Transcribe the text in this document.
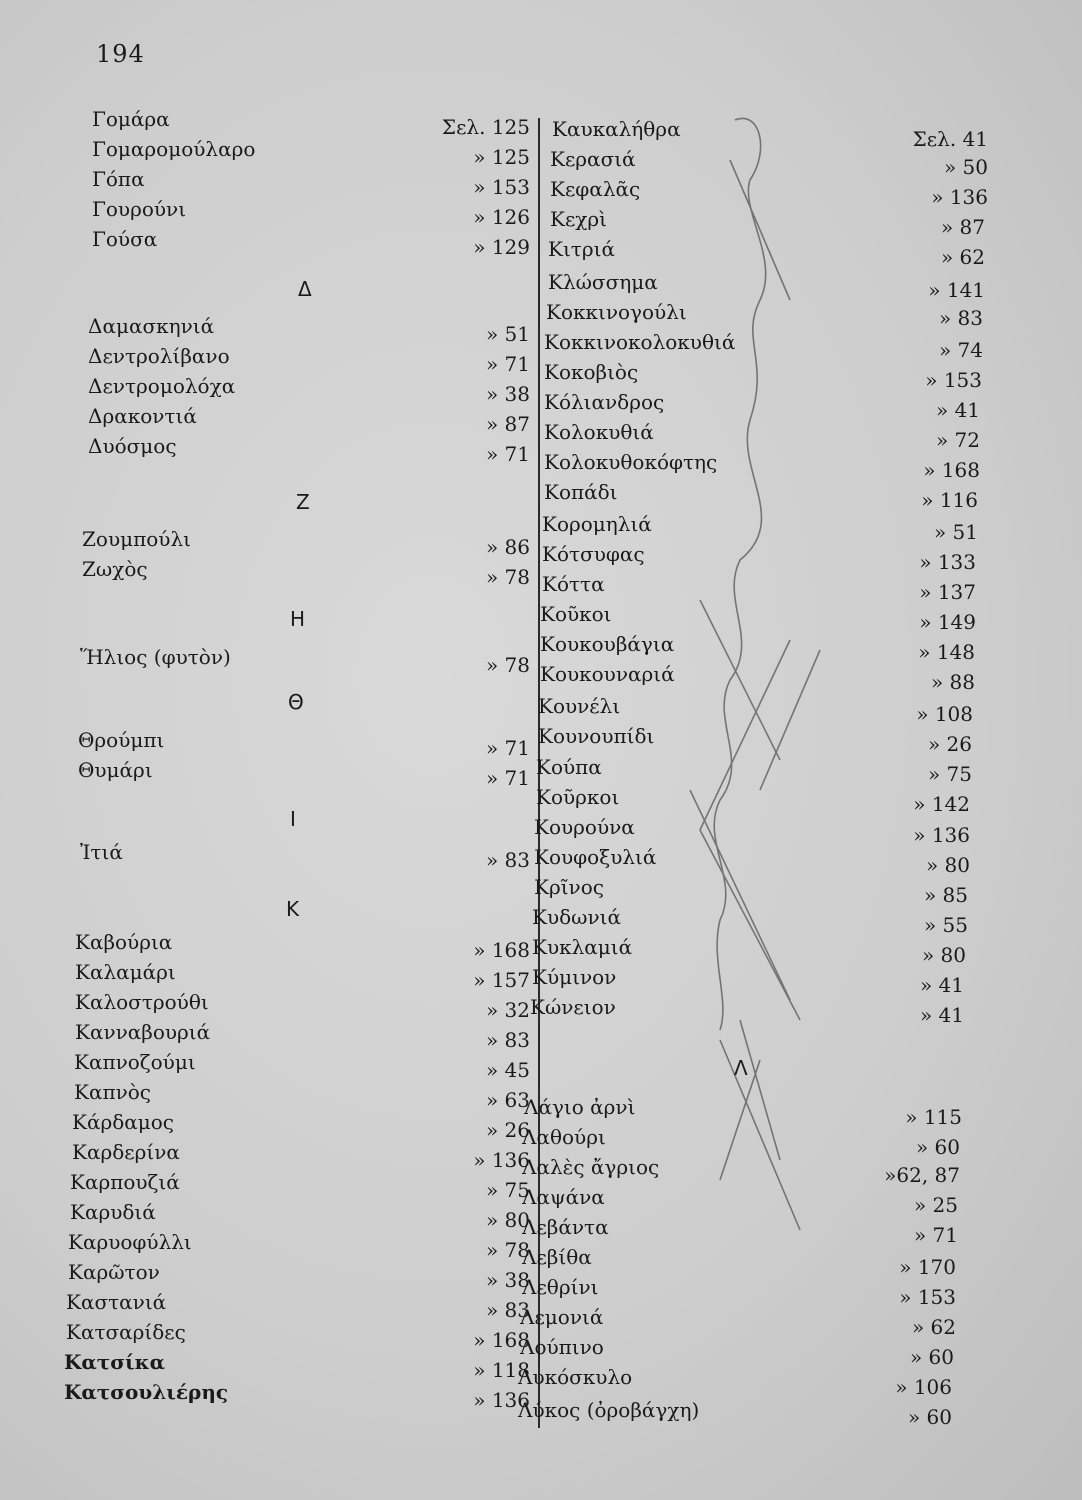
194
Γομάρα	Σελ. 125
Γομαρομούλαρο	» 125
Γόπα	» 153
Γουρούνι	» 126
Γούσα	» 129
Δαμασκηνιά	» 51
Δεντρολίβανο	» 71
Δεντρομολόχα	» 38
Δρακοντιά	» 87
Δυόσμος	» 71
Ζουμπούλι	» 86
Ζωχὸς	» 78
Ἥλιος (φυτὸν)	» 78
Θρούμπι	» 71
Θυμάρι	» 71
Ἰτιά	» 83
Καβούρια	» 168
Καλαμάρι	» 157
Καλοστρούθι	» 32
Κανναβουριά	» 83
Καπνοζούμι	» 45
Καπνὸς	» 63
Κάρδαμος	» 26
Καρδερίνα	» 136
Καρπουζιά	» 75
Καρυδιά	» 80
Καρυοφύλλι	» 78
Καρῶτον	» 38
Καστανιά	» 83
Κατσαρίδες	» 168
Κατσίκα	» 118
Κατσουλιέρης	» 136
Δ
Ζ
Η
Θ
Ι
Κ
Καυκαλήθρα	Σελ. 41
Κερασιά	» 50
Κεφαλᾶς	» 136
Κεχρὶ	» 87
Κιτριά	» 62
Κλώσσημα	» 141
Κοκκινογούλι	» 83
Κοκκινοκολοκυθιά	» 74
Κοκοβιὸς	» 153
Κόλιανδρος	» 41
Κολοκυθιά	» 72
Κολοκυθοκόφτης	» 168
Κοπάδι	» 116
Κορομηλιά	» 51
Κότσυφας	» 133
Κόττα	» 137
Κοῦκοι	» 149
Κουκουβάγια	» 148
Κουκουναριά	» 88
Κουνέλι	» 108
Κουνουπίδι	» 26
Κούπα	» 75
Κοῦρκοι	» 142
Κουρούνα	» 136
Κουφοξυλιά	» 80
Κρῖνος	» 85
Κυδωνιά	» 55
Κυκλαμιά	» 80
Κύμινον	» 41
Κώνειον	» 41
Λάγιο ἀρνὶ	» 115
Λαθούρι	» 60
Λαλὲς ἄγριος	»62, 87
Λαψάνα	» 25
Λεβάντα	» 71
Λεβίθα	» 170
Λεθρίνι	» 153
Λεμονιά	» 62
Λούπινο	» 60
Λυκόσκυλο	» 106
Λύκος (ὀροβάγχη)	» 60
Λ
